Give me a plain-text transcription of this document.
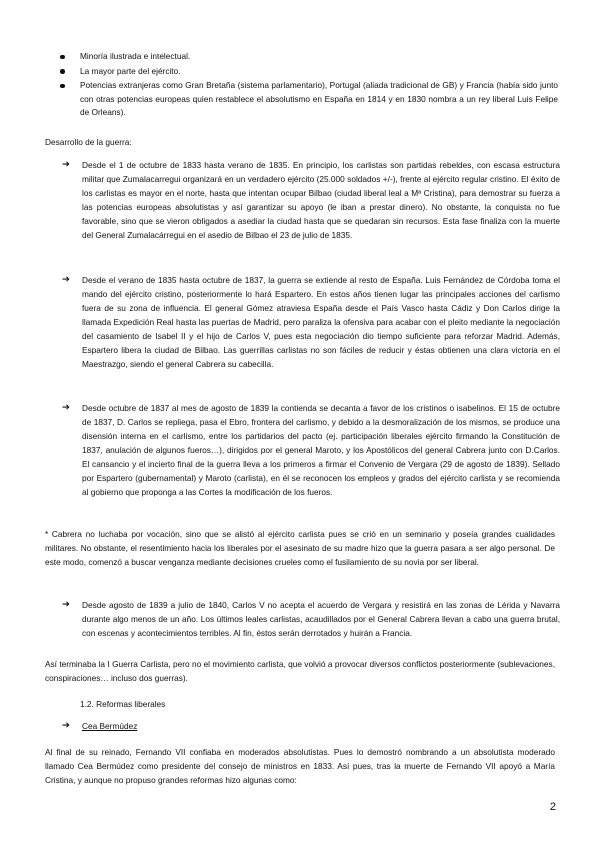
Minoría ilustrada e intelectual.
La mayor parte del ejército.
Potencias extranjeras como Gran Bretaña (sistema parlamentario), Portugal (aliada tradicional de GB) y Francia (había sido junto con otras potencias europeas quien restablece el absolutismo en España en 1814 y en 1830 nombra a un rey liberal Luis Felipe de Orleans).

Desarrollo de la guerra:

➔ Desde el 1 de octubre de 1833 hasta verano de 1835. En principio, los carlistas son partidas rebeldes, con escasa estructura militar que Zumalacarregui organizará en un verdadero ejército (25.000 soldados +/-), frente al ejército regular cristino. El éxito de los carlistas es mayor en el norte, hasta que intentan ocupar Bilbao (ciudad liberal leal a Mª Cristina), para demostrar su fuerza a las potencias europeas absolutistas y así garantizar su apoyo (le iban a prestar dinero). No obstante, la conquista no fue favorable, sino que se vieron obligados a asediar la ciudad hasta que se quedaran sin recursos. Esta fase finaliza con la muerte del General Zumalacárregui en el asedio de Bilbao el 23 de julio de 1835.

➔ Desde el verano de 1835 hasta octubre de 1837, la guerra se extiende al resto de España. Luis Fernández de Córdoba toma el mando del ejército cristino, posteriormente lo hará Espartero. En estos años tienen lugar las principales acciones del carlismo fuera de su zona de influencia. El general Gómez atraviesa España desde el País Vasco hasta Cádiz y Don Carlos dirige la llamada Expedición Real hasta las puertas de Madrid, pero paraliza la ofensiva para acabar con el pleito mediante la negociación del casamiento de Isabel II y el hijo de Carlos V, pues esta negociación dio tiempo suficiente para reforzar Madrid. Además, Espartero libera la ciudad de Bilbao. Las guerrillas carlistas no son fáciles de reducir y éstas obtienen una clara victoria en el Maestrazgo, siendo el general Cabrera su cabecilla.

➔ Desde octubre de 1837 al mes de agosto de 1839 la contienda se decanta a favor de los cristinos o isabelinos. El 15 de octubre de 1837, D. Carlos se repliega, pasa el Ebro, frontera del carlismo, y debido a la desmoralización de los mismos, se produce una disensión interna en el carlismo, entre los partidarios del pacto (ej. participación liberales ejército firmando la Constitución de 1837, anulación de algunos fueros…), dirigidos por el general Maroto, y los Apostólicos del general Cabrera junto con D.Carlos. El cansancio y el incierto final de la guerra lleva a los primeros a firmar el Convenio de Vergara (29 de agosto de 1839). Sellado por Espartero (gubernamental) y Maroto (carlista), en él se reconocen los empleos y grados del ejército carlista y se recomienda al gobierno que proponga a las Cortes la modificación de los fueros.

* Cabrera no luchaba por vocación, sino que se alistó al ejército carlista pues se crió en un seminario y poseía grandes cualidades militares. No obstante, el resentimiento hacia los liberales por el asesinato de su madre hizo que la guerra pasara a ser algo personal. De este modo, comenzó a buscar venganza mediante decisiones crueles como el fusilamiento de su novia por ser liberal.

➔ Desde agosto de 1839 a julio de 1840, Carlos V no acepta el acuerdo de Vergara y resistirá en las zonas de Lérida y Navarra durante algo menos de un año. Los últimos leales carlistas, acaudillados por el General Cabrera llevan a cabo una guerra brutal, con escenas y acontecimientos terribles. Al fin, éstos serán derrotados y huirán a Francia.

Así terminaba la I Guerra Carlista, pero no el movimiento carlista, que volvió a provocar diversos conflictos posteriormente (sublevaciones, conspiraciones… incluso dos guerras).

1.2. Reformas liberales

➔ Cea Bermúdez

Al final de su reinado, Fernando VII confiaba en moderados absolutistas. Pues lo demostró nombrando a un absolutista moderado llamado Cea Bermúdez como presidente del consejo de ministros en 1833. Así pues, tras la muerte de Fernando VII apoyó a María Cristina, y aunque no propuso grandes reformas hizo algunas como:

2
